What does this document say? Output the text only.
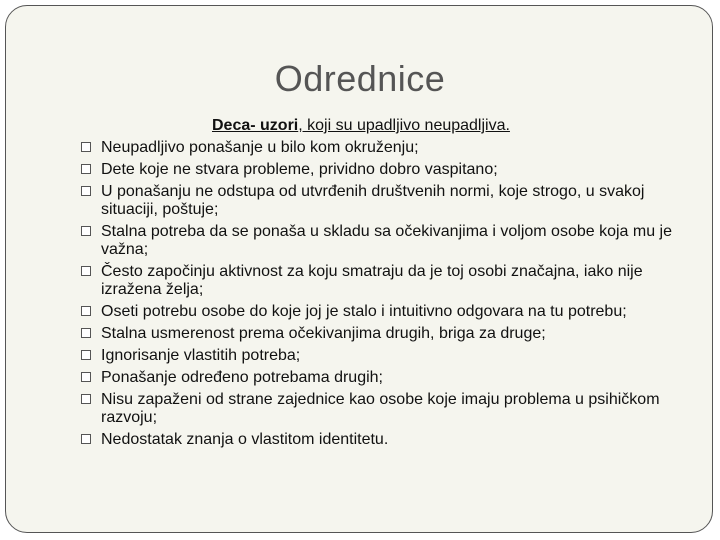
Odrednice
Deca- uzori, koji su upadljivo neupadljiva.
Neupadljivo ponašanje u bilo kom okruženju;
Dete koje ne stvara probleme, prividno dobro vaspitano;
U ponašanju ne odstupa od utvrđenih društvenih normi, koje strogo, u svakoj situaciji, poštuje;
Stalna potreba da se ponaša u skladu sa očekivanjima i voljom osobe koja mu je važna;
Često započinju aktivnost za koju smatraju da je toj osobi značajna, iako nije izražena želja;
Oseti potrebu osobe do koje joj je stalo i intuitivno odgovara na tu potrebu;
Stalna usmerenost prema očekivanjima drugih, briga za druge;
Ignorisanje vlastitih potreba;
Ponašanje određeno potrebama drugih;
Nisu zapaženi od strane zajednice kao osobe koje imaju problema u psihičkom razvoju;
Nedostatak znanja o vlastitom identitetu.
